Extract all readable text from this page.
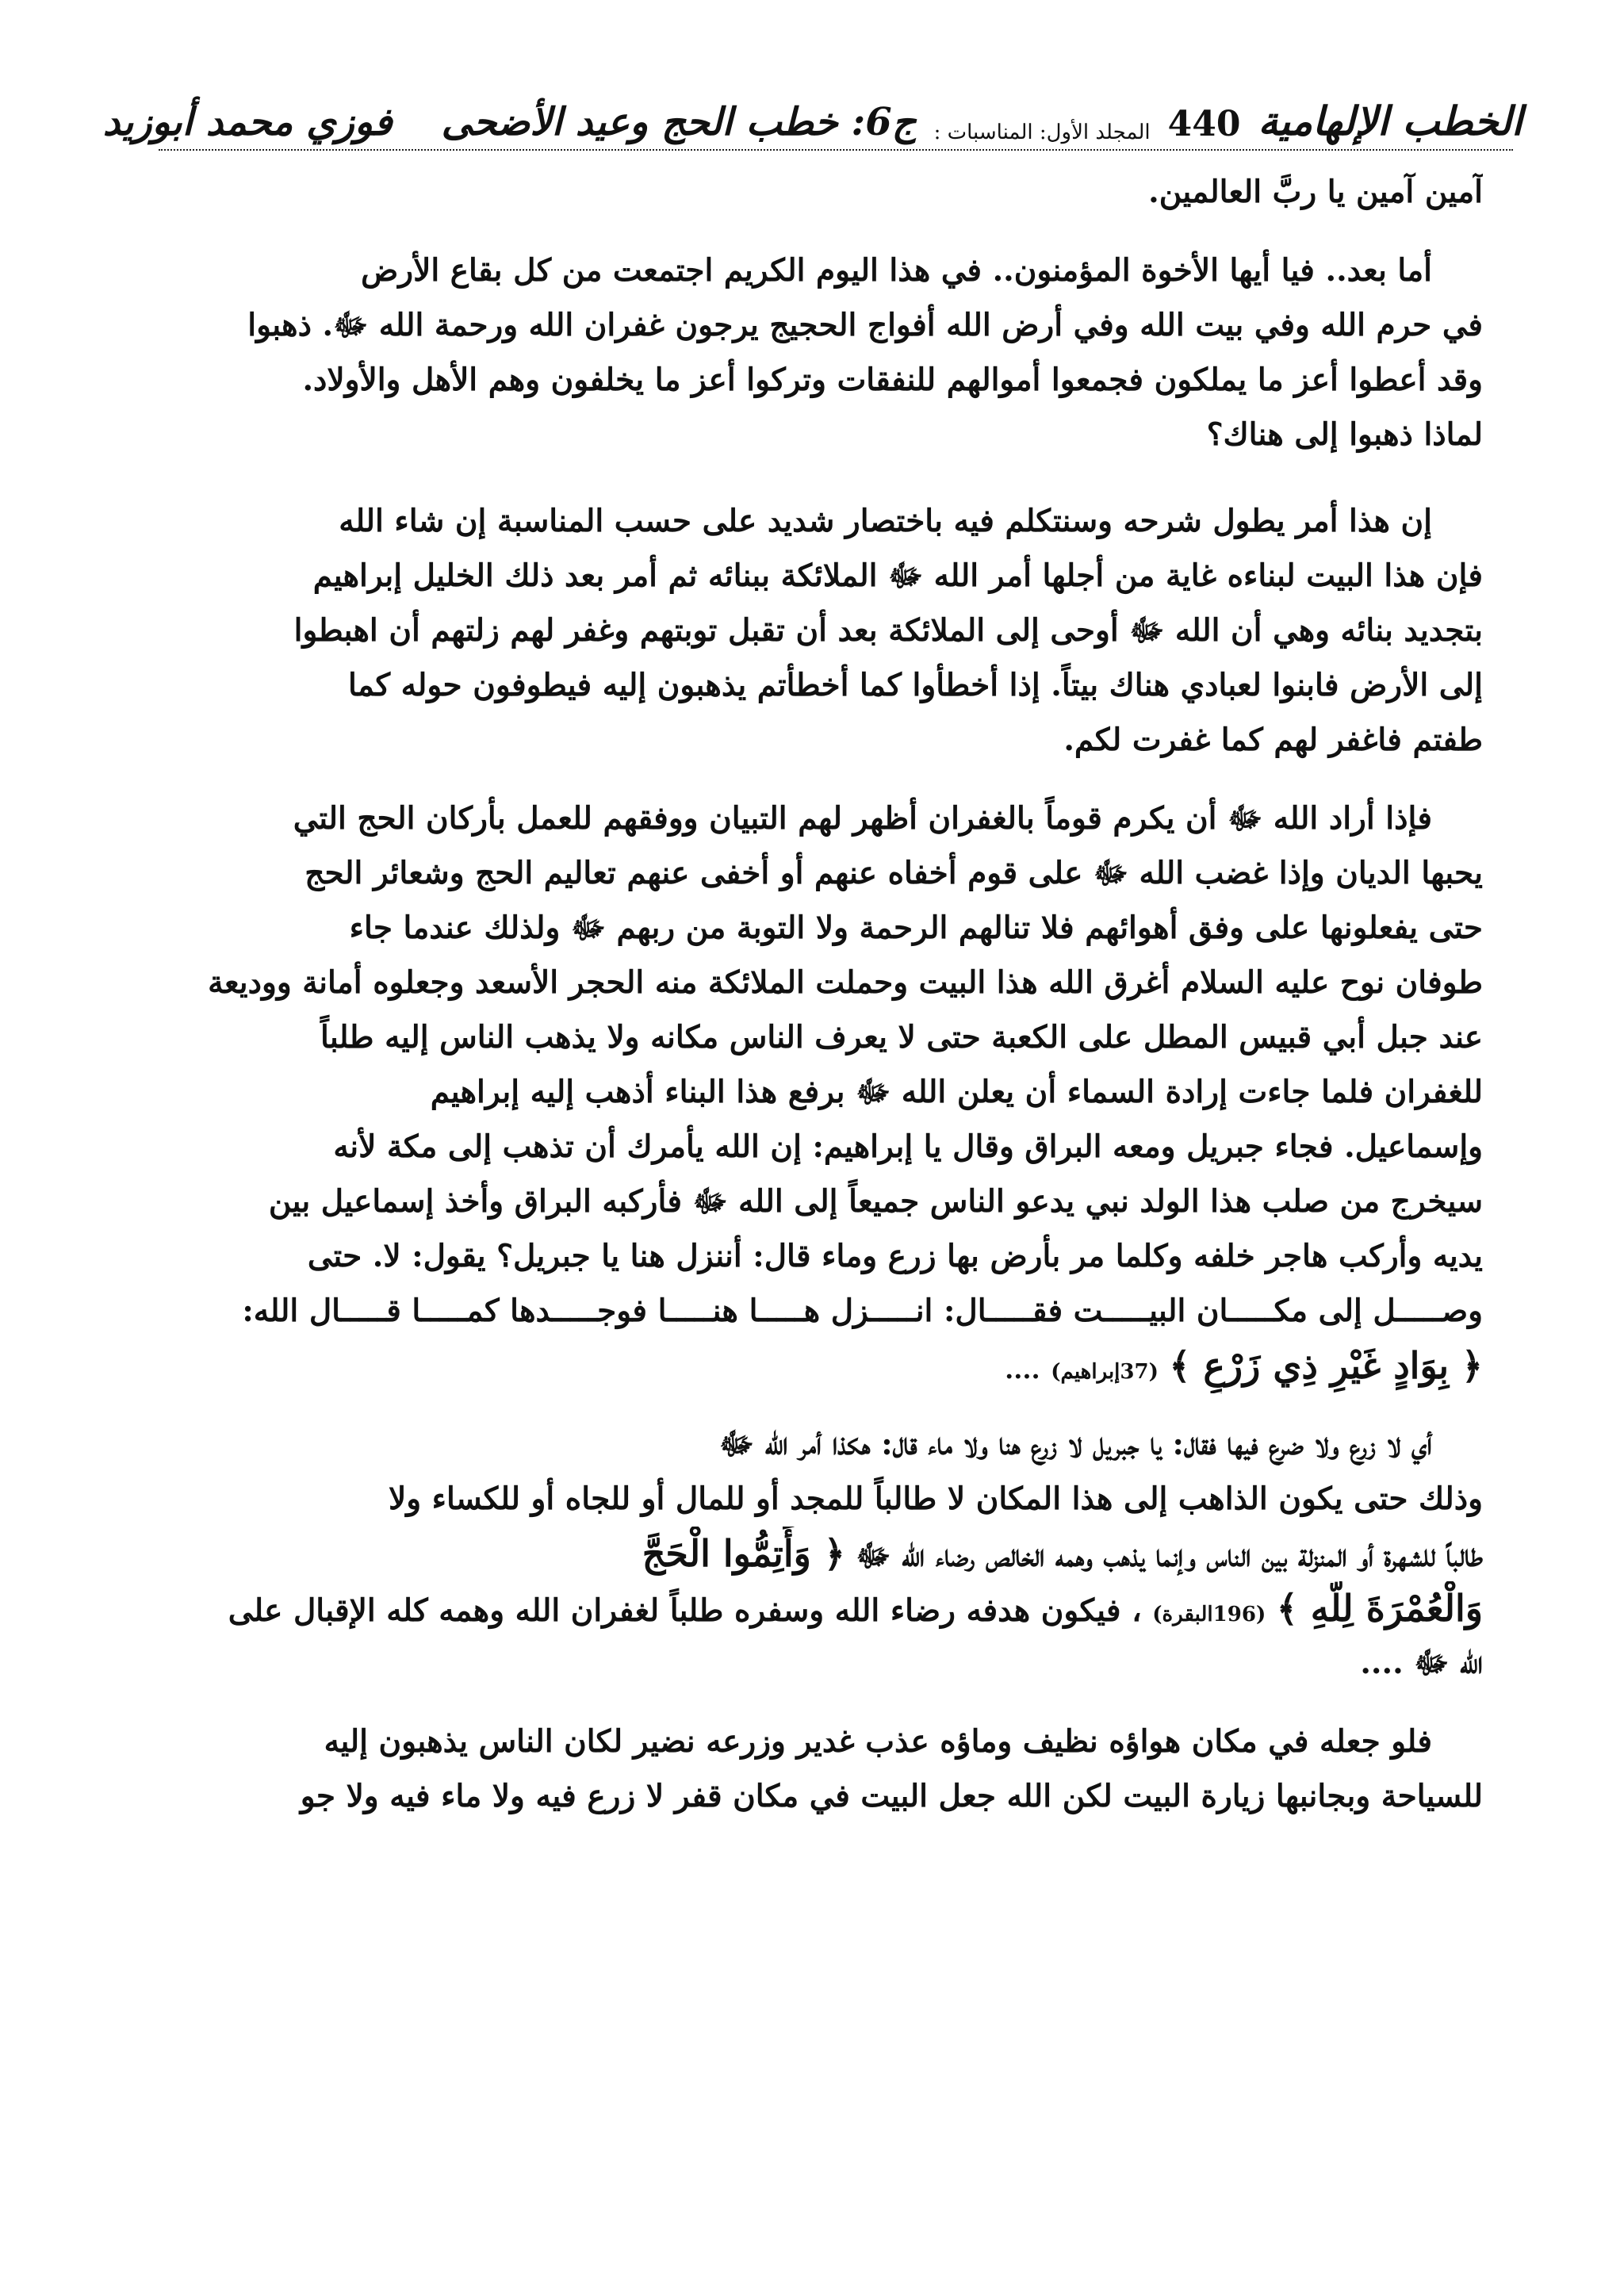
الخطب الإلهامية
440
المجلد الأول: المناسبات :
ج6: خطب الحج وعيد الأضحى
فوزي محمد أبوزيد
آمين آمين يا ربَّ العالمين.
أما بعد.. فيا أيها الأخوة المؤمنون.. في هذا اليوم الكريم اجتمعت من كل بقاع الأرض
في حرم الله وفي بيت الله وفي أرض الله أفواج الحجيج يرجون غفران الله ورحمة الله ﷻ. ذهبوا
وقد أعطوا أعز ما يملكون فجمعوا أموالهم للنفقات وتركوا أعز ما يخلفون وهم الأهل والأولاد.
لماذا ذهبوا إلى هناك؟
إن هذا أمر يطول شرحه وسنتكلم فيه باختصار شديد على حسب المناسبة إن شاء الله
فإن هذا البيت لبناءه غاية من أجلها أمر الله ﷻ الملائكة ببنائه ثم أمر بعد ذلك الخليل إبراهيم
بتجديد بنائه وهي أن الله ﷻ أوحى إلى الملائكة بعد أن تقبل توبتهم وغفر لهم زلتهم أن اهبطوا
إلى الأرض فابنوا لعبادي هناك بيتاً. إذا أخطأوا كما أخطأتم يذهبون إليه فيطوفون حوله كما
طفتم فاغفر لهم كما غفرت لكم.
فإذا أراد الله ﷻ أن يكرم قوماً بالغفران أظهر لهم التبيان ووفقهم للعمل بأركان الحج التي
يحبها الديان وإذا غضب الله ﷻ على قوم أخفاه عنهم أو أخفى عنهم تعاليم الحج وشعائر الحج
حتى يفعلونها على وفق أهوائهم فلا تنالهم الرحمة ولا التوبة من ربهم ﷻ ولذلك عندما جاء
طوفان نوح عليه السلام أغرق الله هذا البيت وحملت الملائكة منه الحجر الأسعد وجعلوه أمانة ووديعة
عند جبل أبي قبيس المطل على الكعبة حتى لا يعرف الناس مكانه ولا يذهب الناس إليه طلباً
للغفران فلما جاءت إرادة السماء أن يعلن الله ﷻ برفع هذا البناء أذهب إليه إبراهيم
وإسماعيل. فجاء جبريل ومعه البراق وقال يا إبراهيم: إن الله يأمرك أن تذهب إلى مكة لأنه
سيخرج من صلب هذا الولد نبي يدعو الناس جميعاً إلى الله ﷻ فأركبه البراق وأخذ إسماعيل بين
يديه وأركب هاجر خلفه وكلما مر بأرض بها زرع وماء قال: أننزل هنا يا جبريل؟ يقول: لا. حتى
وصـــــل إلى مكـــــان البيـــــت فقـــــال: انـــــزل هـــــا هنـــــا فوجـــــدها كمـــــا قـــــال الله:
﴿ بِوَادٍ غَيْرِ ذِي زَرْعٍ ﴾ (37إبراهيم) ....
أي لا زرع ولا ضرع فيها فقال: يا جبريل لا زرع هنا ولا ماء قال: هكذا أمر الله ﷻ
وذلك حتى يكون الذاهب إلى هذا المكان لا طالباً للمجد أو للمال أو للجاه أو للكساء ولا
طالباً للشهرة أو المنزلة بين الناس وإنما يذهب وهمه الخالص رضاء الله ﷻ ﴿ وَأَتِمُّوا الْحَجَّ
وَالْعُمْرَةَ لِلَّهِ ﴾ (196البقرة) ، فيكون هدفه رضاء الله وسفره طلباً لغفران الله وهمه كله الإقبال على
الله ﷻ ....
فلو جعله في مكان هواؤه نظيف وماؤه عذب غدير وزرعه نضير لكان الناس يذهبون إليه
للسياحة وبجانبها زيارة البيت لكن الله جعل البيت في مكان قفر لا زرع فيه ولا ماء فيه ولا جو
